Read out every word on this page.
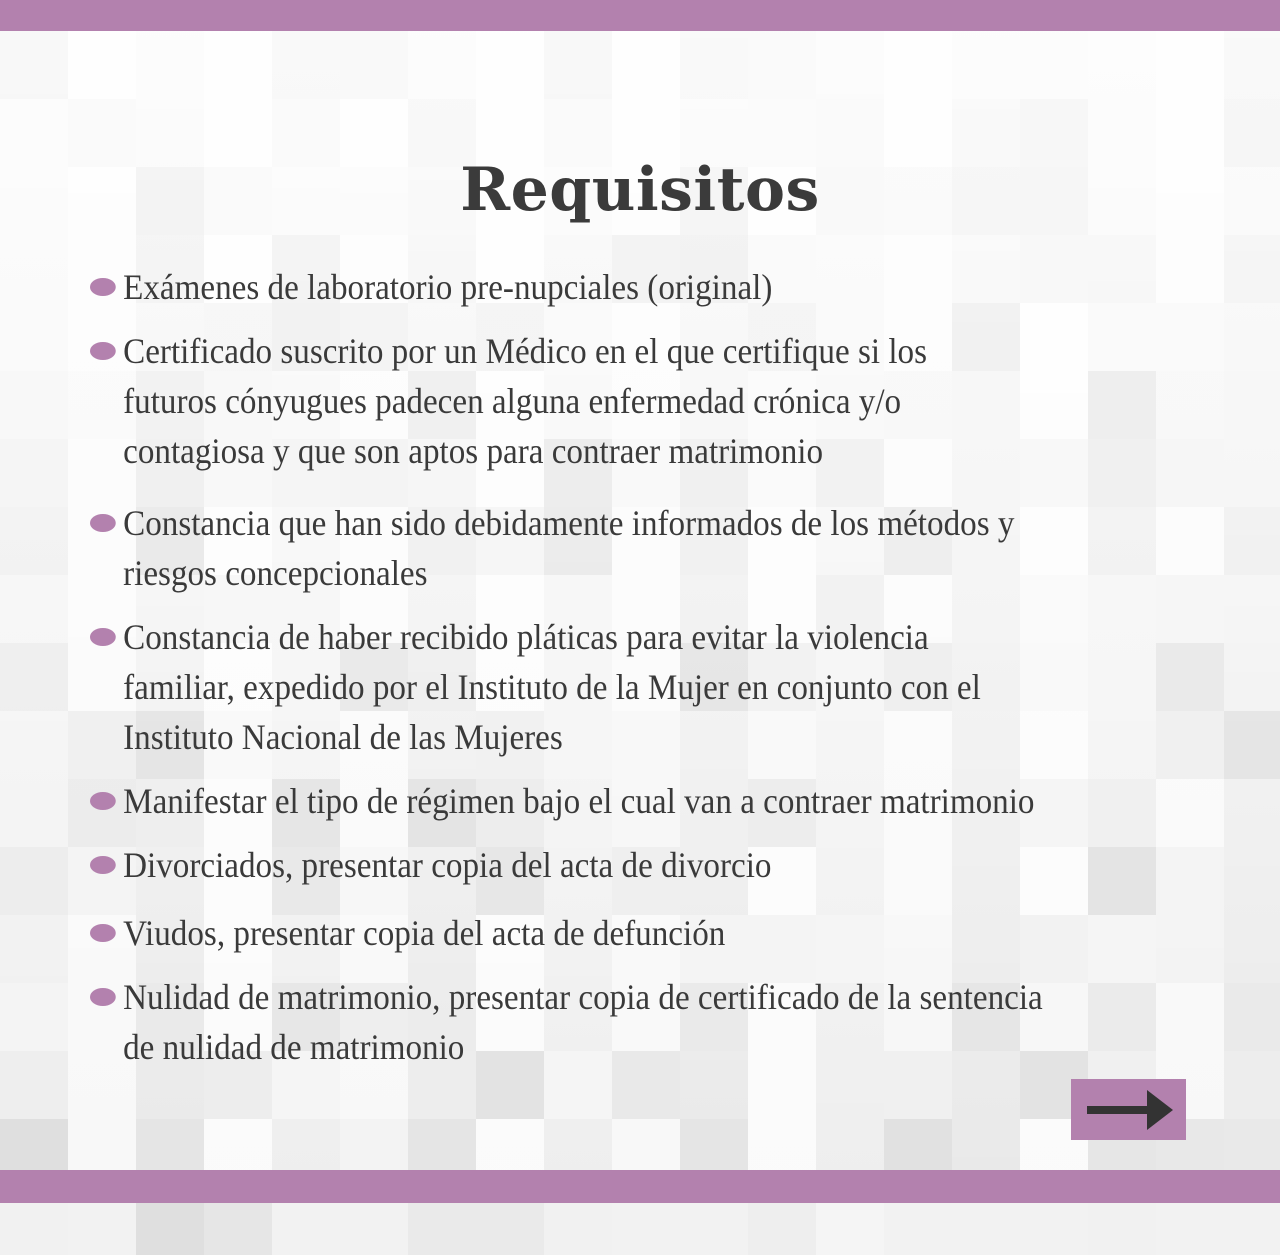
Requisitos
Exámenes de laboratorio pre-nupciales (original)
Certificado suscrito por un Médico en el que certifique si los
futuros cónyugues padecen alguna enfermedad crónica y/o
contagiosa y que son aptos para contraer matrimonio
Constancia que han sido debidamente informados de los métodos y
riesgos concepcionales
Constancia de haber recibido pláticas para evitar la violencia
familiar, expedido por el Instituto de la Mujer en conjunto con el
Instituto Nacional de las Mujeres
Manifestar el tipo de régimen bajo el cual van a contraer matrimonio
Divorciados, presentar copia del acta de divorcio
Viudos, presentar copia del acta de defunción
Nulidad de matrimonio, presentar copia de certificado de la sentencia
de nulidad de matrimonio
